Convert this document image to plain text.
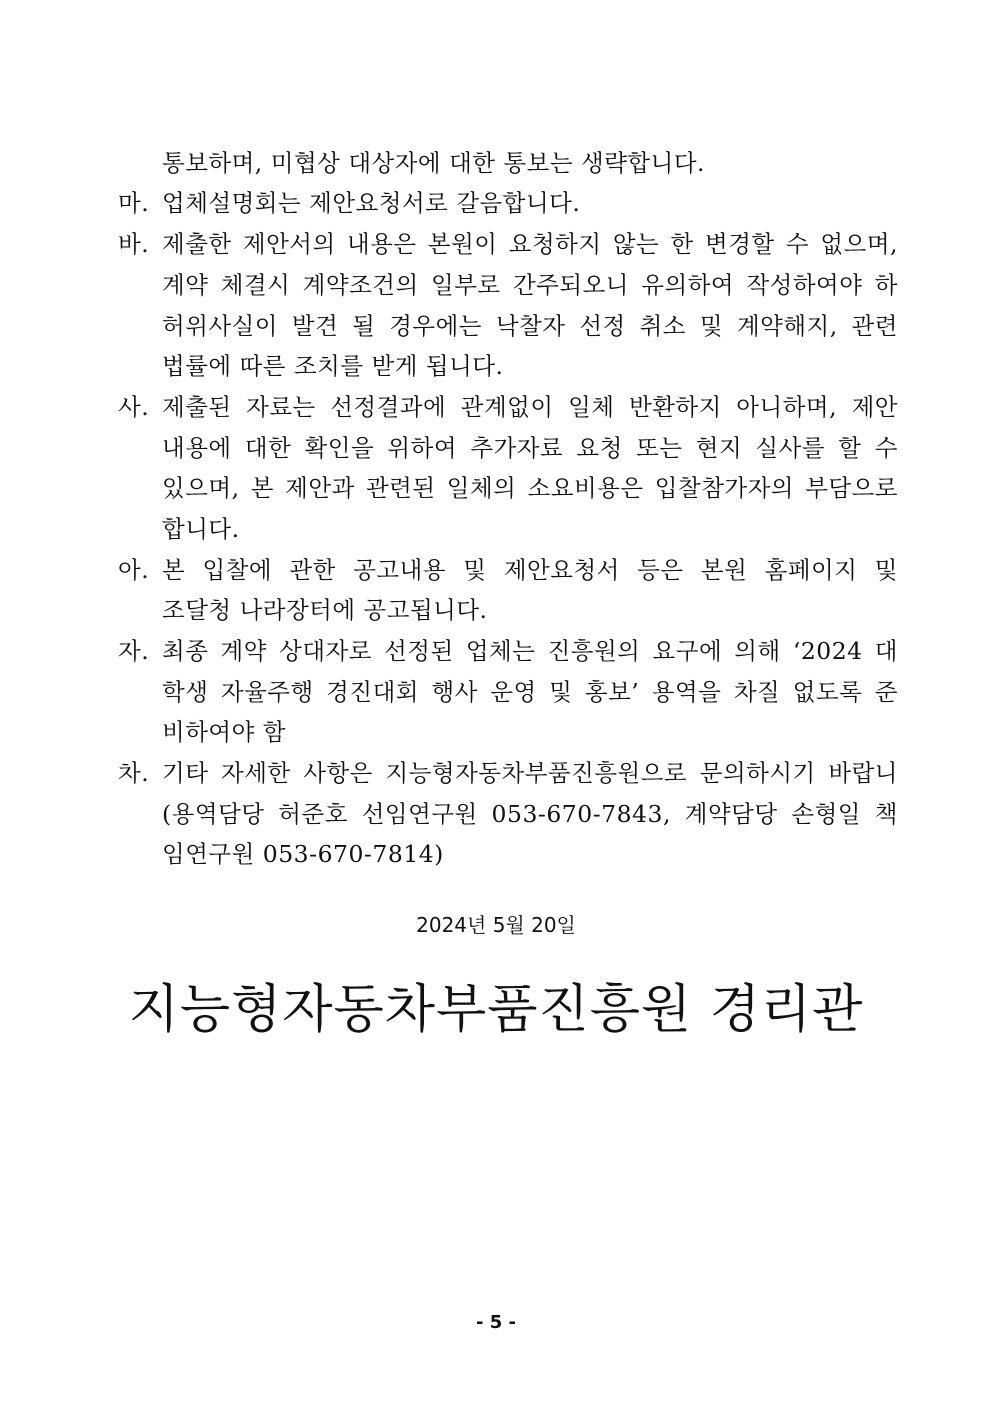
통보하며, 미협상 대상자에 대한 통보는 생략합니다.
마. 업체설명회는 제안요청서로 갈음합니다.
바. 제출한 제안서의 내용은 본원이 요청하지 않는 한 변경할 수 없으며,
계약 체결시 계약조건의 일부로 간주되오니 유의하여 작성하여야 하
허위사실이 발견 될 경우에는 낙찰자 선정 취소 및 계약해지, 관련
법률에 따른 조치를 받게 됩니다.
사. 제출된 자료는 선정결과에 관계없이 일체 반환하지 아니하며, 제안
내용에 대한 확인을 위하여 추가자료 요청 또는 현지 실사를 할 수
있으며, 본 제안과 관련된 일체의 소요비용은 입찰참가자의 부담으로
합니다.
아. 본 입찰에 관한 공고내용 및 제안요청서 등은 본원 홈페이지 및
조달청 나라장터에 공고됩니다.
자. 최종 계약 상대자로 선정된 업체는 진흥원의 요구에 의해 ‘2024 대
학생 자율주행 경진대회 행사 운영 및 홍보’ 용역을 차질 없도록 준
비하여야 함
차. 기타 자세한 사항은 지능형자동차부품진흥원으로 문의하시기 바랍니
(용역담당 허준호 선임연구원 053-670-7843, 계약담당 손형일 책
임연구원 053-670-7814)
2024년 5월 20일
지능형자동차부품진흥원 경리관
- 5 -
